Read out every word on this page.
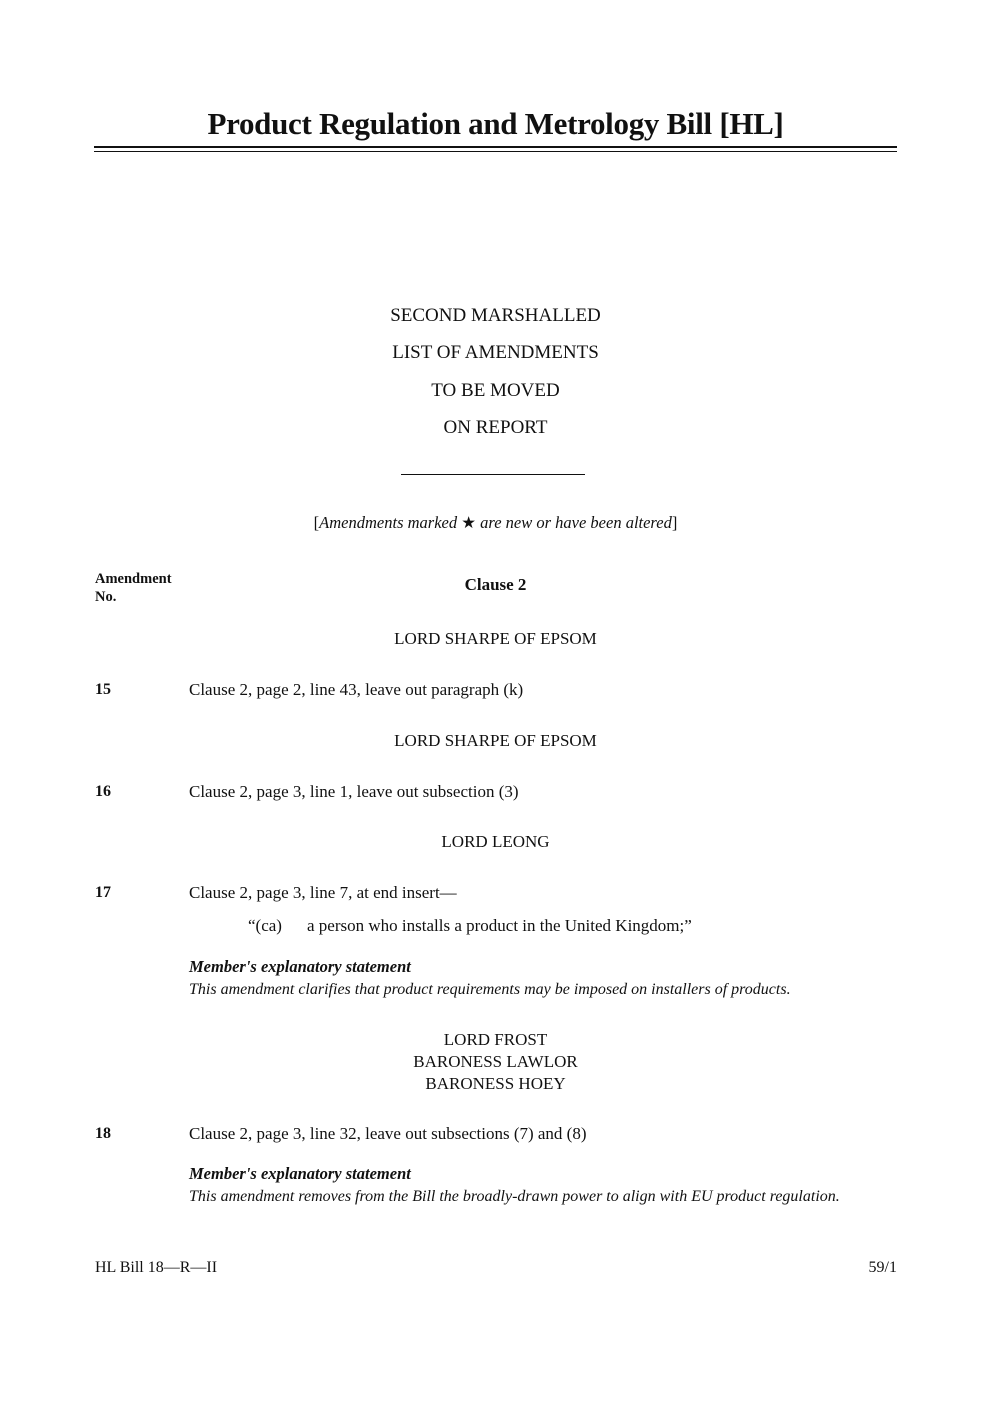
Product Regulation and Metrology Bill [HL]
SECOND MARSHALLED
LIST OF AMENDMENTS
TO BE MOVED
ON REPORT
[Amendments marked ★ are new or have been altered]
Amendment
No.
Clause 2
LORD SHARPE OF EPSOM
15	Clause 2, page 2, line 43, leave out paragraph (k)
LORD SHARPE OF EPSOM
16	Clause 2, page 3, line 1, leave out subsection (3)
LORD LEONG
17	Clause 2, page 3, line 7, at end insert—
“(ca) a person who installs a product in the United Kingdom;”
Member's explanatory statement
This amendment clarifies that product requirements may be imposed on installers of products.
LORD FROST
BARONESS LAWLOR
BARONESS HOEY
18	Clause 2, page 3, line 32, leave out subsections (7) and (8)
Member's explanatory statement
This amendment removes from the Bill the broadly-drawn power to align with EU product regulation.
HL Bill 18—R—II	59/1
